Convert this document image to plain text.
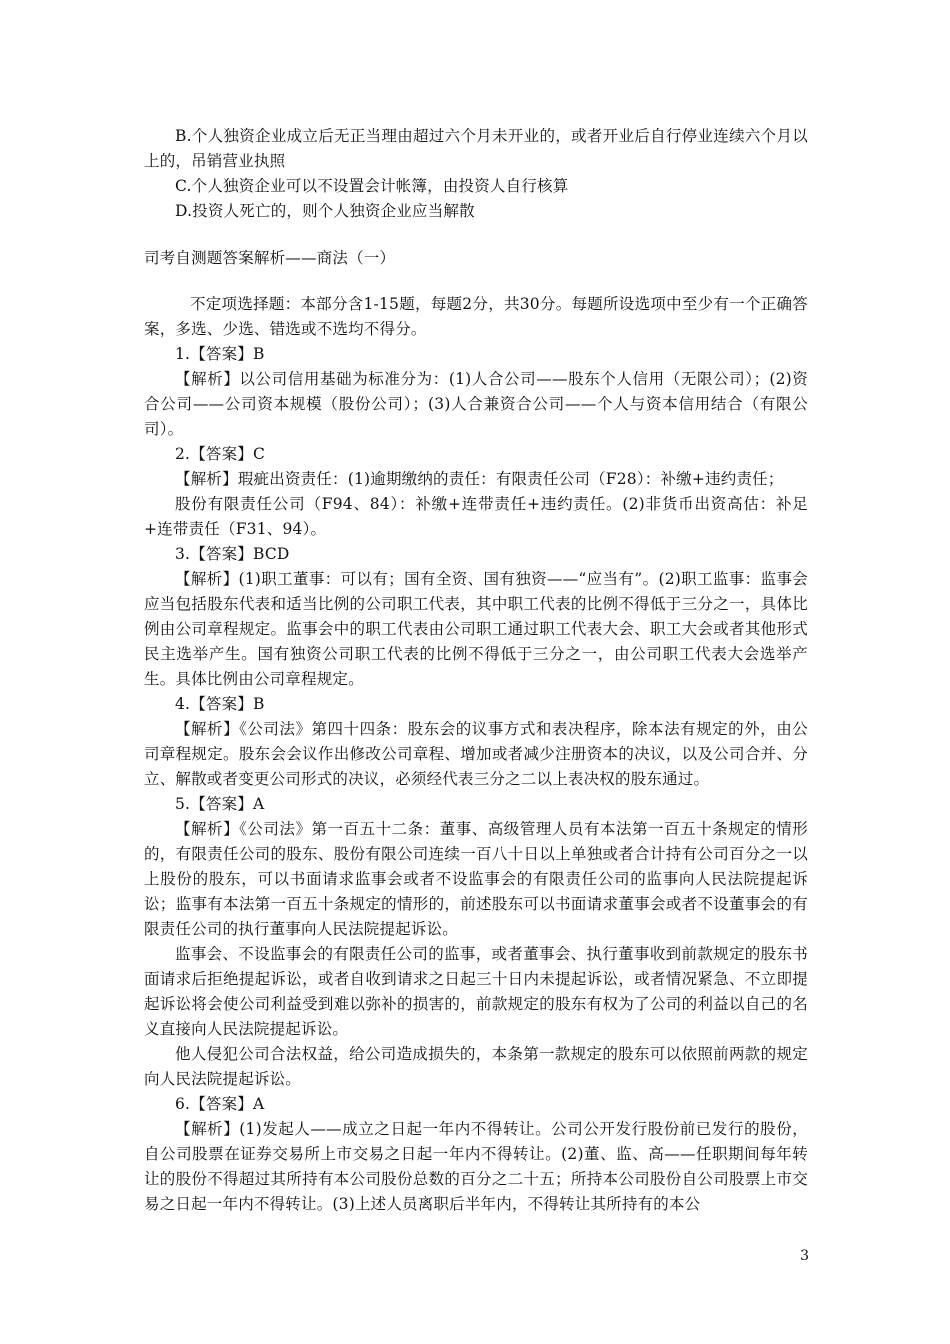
B.个人独资企业成立后无正当理由超过六个月未开业的，或者开业后自行停业连续六个月以上的，吊销营业执照

C.个人独资企业可以不设置会计帐簿，由投资人自行核算

D.投资人死亡的，则个人独资企业应当解散

司考自测题答案解析——商法（一）

不定项选择题：本部分含1-15题，每题2分，共30分。每题所设选项中至少有一个正确答案，多选、少选、错选或不选均不得分。

1.【答案】B

【解析】以公司信用基础为标准分为：(1)人合公司——股东个人信用（无限公司）；(2)资合公司——公司资本规模（股份公司）；(3)人合兼资合公司——个人与资本信用结合（有限公司）。

2.【答案】C

【解析】瑕疵出资责任：(1)逾期缴纳的责任：有限责任公司（F28）：补缴+违约责任；

股份有限责任公司（F94、84）：补缴+连带责任+违约责任。(2)非货币出资高估：补足+连带责任（F31、94）。

3.【答案】BCD

【解析】(1)职工董事：可以有；国有全资、国有独资——“应当有”。(2)职工监事：监事会应当包括股东代表和适当比例的公司职工代表，其中职工代表的比例不得低于三分之一，具体比例由公司章程规定。监事会中的职工代表由公司职工通过职工代表大会、职工大会或者其他形式民主选举产生。国有独资公司职工代表的比例不得低于三分之一，由公司职工代表大会选举产生。具体比例由公司章程规定。

4.【答案】B

【解析】《公司法》第四十四条：股东会的议事方式和表决程序，除本法有规定的外，由公司章程规定。股东会会议作出修改公司章程、增加或者减少注册资本的决议，以及公司合并、分立、解散或者变更公司形式的决议，必须经代表三分之二以上表决权的股东通过。

5.【答案】A

【解析】《公司法》第一百五十二条：董事、高级管理人员有本法第一百五十条规定的情形的，有限责任公司的股东、股份有限公司连续一百八十日以上单独或者合计持有公司百分之一以上股份的股东，可以书面请求监事会或者不设监事会的有限责任公司的监事向人民法院提起诉讼；监事有本法第一百五十条规定的情形的，前述股东可以书面请求董事会或者不设董事会的有限责任公司的执行董事向人民法院提起诉讼。

监事会、不设监事会的有限责任公司的监事，或者董事会、执行董事收到前款规定的股东书面请求后拒绝提起诉讼，或者自收到请求之日起三十日内未提起诉讼，或者情况紧急、不立即提起诉讼将会使公司利益受到难以弥补的损害的，前款规定的股东有权为了公司的利益以自己的名义直接向人民法院提起诉讼。

他人侵犯公司合法权益，给公司造成损失的，本条第一款规定的股东可以依照前两款的规定向人民法院提起诉讼。

6.【答案】A

【解析】(1)发起人——成立之日起一年内不得转让。公司公开发行股份前已发行的股份，自公司股票在证券交易所上市交易之日起一年内不得转让。(2)董、监、高——任职期间每年转让的股份不得超过其所持有本公司股份总数的百分之二十五；所持本公司股份自公司股票上市交易之日起一年内不得转让。(3)上述人员离职后半年内，不得转让其所持有的本公

3
